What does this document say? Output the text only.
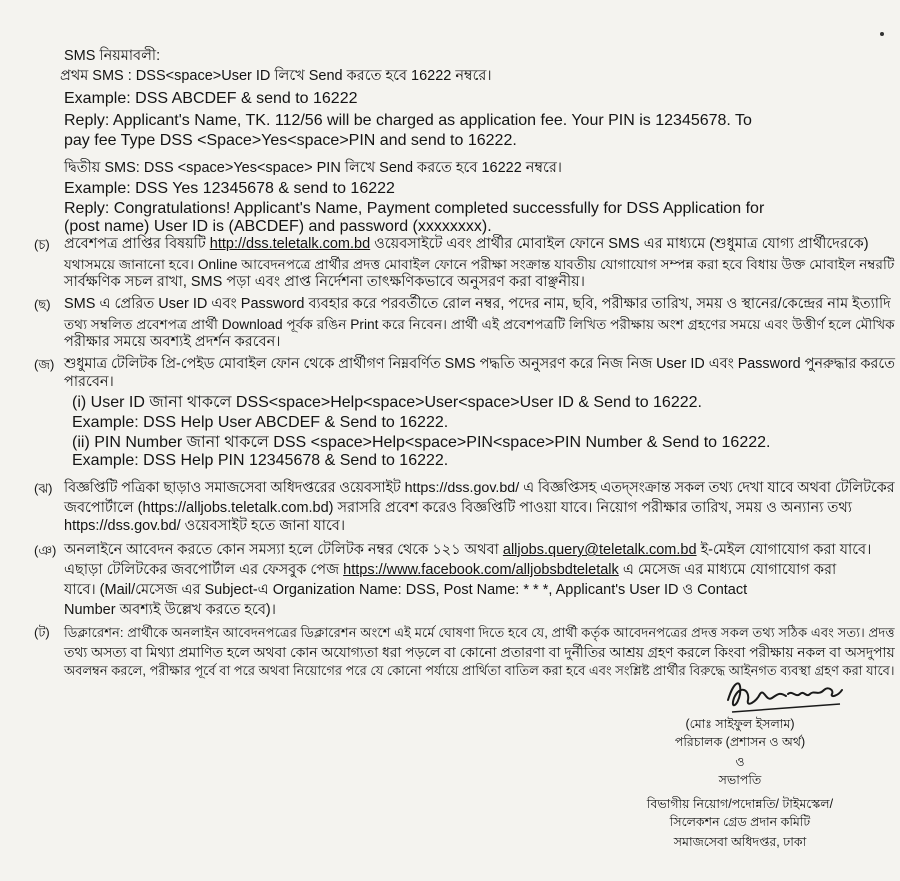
SMS নিয়মাবলী:
প্রথম SMS : DSS<space>User ID লিখে Send করতে হবে 16222 নম্বরে।
Example: DSS ABCDEF & send to 16222
Reply: Applicant's Name, TK. 112/56 will be charged as application fee. Your PIN is 12345678. To
pay fee Type DSS <Space>Yes<space>PIN and send to 16222.
দ্বিতীয় SMS: DSS <space>Yes<space> PIN লিখে Send করতে হবে 16222 নম্বরে।
Example: DSS Yes 12345678 & send to 16222
Reply: Congratulations! Applicant's Name, Payment completed successfully for DSS Application for
(post name) User ID is (ABCDEF) and password (xxxxxxxx).
(চ) প্রবেশপত্র প্রাপ্তির বিষয়টি http://dss.teletalk.com.bd ওয়েবসাইটে এবং প্রার্থীর মোবাইল ফোনে SMS এর মাধ্যমে (শুধুমাত্র যোগ্য প্রার্থীদেরকে)
যথাসময়ে জানানো হবে। Online আবেদনপত্রে প্রার্থীর প্রদত্ত মোবাইল ফোনে পরীক্ষা সংক্রান্ত যাবতীয় যোগাযোগ সম্পন্ন করা হবে বিধায় উক্ত মোবাইল নম্বরটি
সার্বক্ষণিক সচল রাখা, SMS পড়া এবং প্রাপ্ত নির্দেশনা তাৎক্ষণিকভাবে অনুসরণ করা বাঞ্ছনীয়।
(ছ) SMS এ প্রেরিত User ID এবং Password ব্যবহার করে পরবর্তীতে রোল নম্বর, পদের নাম, ছবি, পরীক্ষার তারিখ, সময় ও স্থানের/কেন্দ্রের নাম ইত্যাদি
তথ্য সম্বলিত প্রবেশপত্র প্রার্থী Download পূর্বক রঙিন Print করে নিবেন। প্রার্থী এই প্রবেশপত্রটি লিখিত পরীক্ষায় অংশ গ্রহণের সময়ে এবং উত্তীর্ণ হলে মৌখিক
পরীক্ষার সময়ে অবশ্যই প্রদর্শন করবেন।
(জ) শুধুমাত্র টেলিটক প্রি-পেইড মোবাইল ফোন থেকে প্রার্থীগণ নিম্নবর্ণিত SMS পদ্ধতি অনুসরণ করে নিজ নিজ User ID এবং Password পুনরুদ্ধার করতে
পারবেন।
(i) User ID জানা থাকলে DSS<space>Help<space>User<space>User ID & Send to 16222.
Example: DSS Help User ABCDEF & Send to 16222.
(ii) PIN Number জানা থাকলে DSS <space>Help<space>PIN<space>PIN Number & Send to 16222.
Example: DSS Help PIN 12345678 & Send to 16222.
(ঝ) বিজ্ঞপ্তিটি পত্রিকা ছাড়াও সমাজসেবা অধিদপ্তরের ওয়েবসাইট https://dss.gov.bd/ এ বিজ্ঞপ্তিসহ এতদ্সংক্রান্ত সকল তথ্য দেখা যাবে অথবা টেলিটকের
জবপোর্টালে (https://alljobs.teletalk.com.bd) সরাসরি প্রবেশ করেও বিজ্ঞপ্তিটি পাওয়া যাবে। নিয়োগ পরীক্ষার তারিখ, সময় ও অন্যান্য তথ্য
https://dss.gov.bd/ ওয়েবসাইট হতে জানা যাবে।
(ঞ) অনলাইনে আবেদন করতে কোন সমস্যা হলে টেলিটক নম্বর থেকে ১২১ অথবা alljobs.query@teletalk.com.bd ই-মেইল যোগাযোগ করা যাবে।
এছাড়া টেলিটকের জবপোর্টাল এর ফেসবুক পেজ https://www.facebook.com/alljobsbdteletalk এ মেসেজ এর মাধ্যমে যোগাযোগ করা
যাবে। (Mail/মেসেজ এর Subject-এ Organization Name: DSS, Post Name: * * *, Applicant's User ID ও Contact
Number অবশ্যই উল্লেখ করতে হবে)।
(ট) ডিক্লারেশন: প্রার্থীকে অনলাইন আবেদনপত্রের ডিক্লারেশন অংশে এই মর্মে ঘোষণা দিতে হবে যে, প্রার্থী কর্তৃক আবেদনপত্রের প্রদত্ত সকল তথ্য সঠিক এবং সত্য। প্রদত্ত
তথ্য অসত্য বা মিথ্যা প্রমাণিত হলে অথবা কোন অযোগ্যতা ধরা পড়লে বা কোনো প্রতারণা বা দুর্নীতির আশ্রয় গ্রহণ করলে কিংবা পরীক্ষায় নকল বা অসদুপায়
অবলম্বন করলে, পরীক্ষার পূর্বে বা পরে অথবা নিয়োগের পরে যে কোনো পর্যায়ে প্রার্থিতা বাতিল করা হবে এবং সংশ্লিষ্ট প্রার্থীর বিরুদ্ধে আইনগত ব্যবস্থা গ্রহণ করা যাবে।
(মোঃ সাইফুল ইসলাম)
পরিচালক (প্রশাসন ও অর্থ)
ও
সভাপতি
বিভাগীয় নিয়োগ/পদোন্নতি/ টাইমস্কেল/
সিলেকশন গ্রেড প্রদান কমিটি
সমাজসেবা অধিদপ্তর, ঢাকা
